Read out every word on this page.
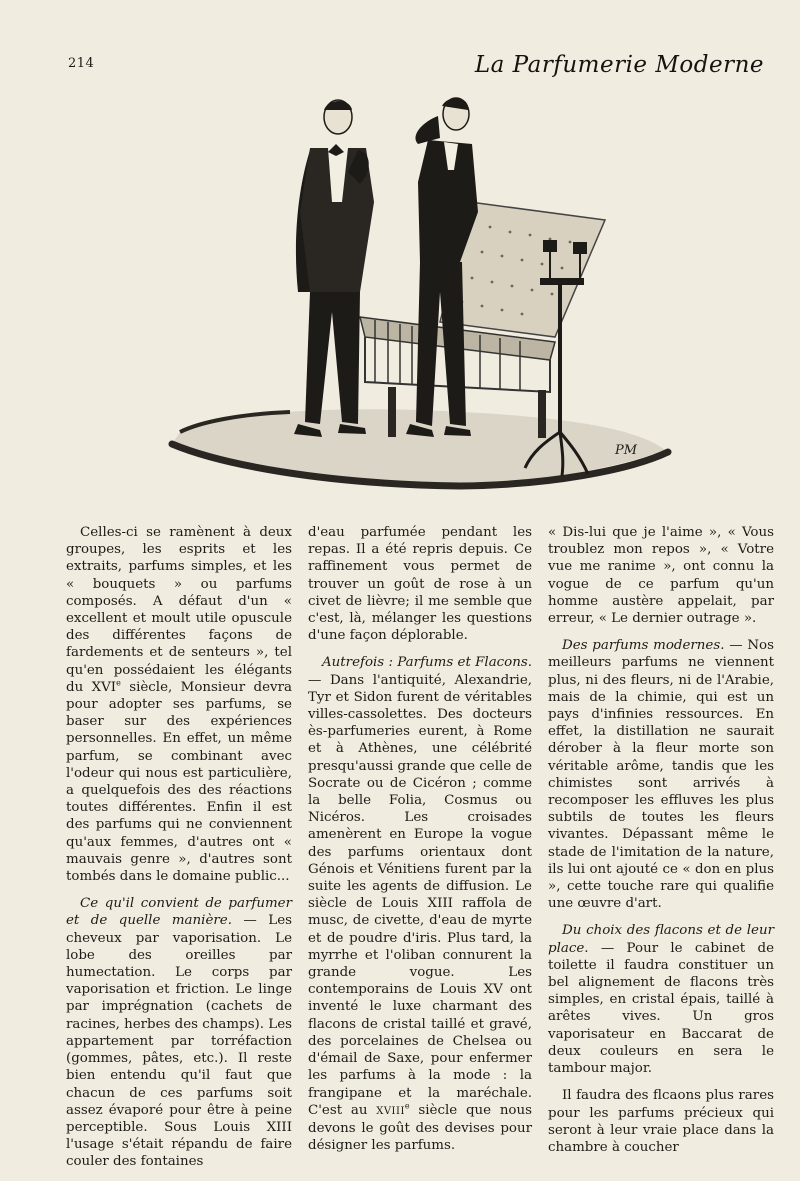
214	La Parfumerie Moderne
PM

Celles-ci se ramènent à deux groupes, les esprits et les extraits, parfums simples, et les « bouquets » ou parfums composés. A défaut d'un « excellent et moult utile opuscule des différentes façons de fardements et de senteurs », tel qu'en possédaient les élégants du XVIe siècle, Monsieur devra pour adopter ses parfums, se baser sur des expériences personnelles. En effet, un même parfum, se combinant avec l'odeur qui nous est particulière, a quelquefois des des réactions toutes différentes. Enfin il est des parfums qui ne conviennent qu'aux femmes, d'autres ont « mauvais genre », d'autres sont tombés dans le domaine public...

Ce qu'il convient de parfumer et de quelle manière. — Les cheveux par vaporisation. Le lobe des oreilles par humectation. Le corps par vaporisation et friction. Le linge par imprégnation (cachets de racines, herbes des champs). Les appartement par torréfaction (gommes, pâtes, etc.). Il reste bien entendu qu'il faut que chacun de ces parfums soit assez évaporé pour être à peine perceptible. Sous Louis XIII l'usage s'était répandu de faire couler des fontaines

d'eau parfumée pendant les repas. Il a été repris depuis. Ce raffinement vous permet de trouver un goût de rose à un civet de lièvre; il me semble que c'est, là, mélanger les questions d'une façon déplorable.

Autrefois : Parfums et Flacons. — Dans l'antiquité, Alexandrie, Tyr et Sidon furent de véritables villes-cassolettes. Des docteurs ès-parfumeries eurent, à Rome et à Athènes, une célébrité presqu'aussi grande que celle de Socrate ou de Cicéron ; comme la belle Folia, Cosmus ou Nicéros. Les croisades amenèrent en Europe la vogue des parfums orientaux dont Génois et Vénitiens furent par la suite les agents de diffusion. Le siècle de Louis XIII raffola de musc, de civette, d'eau de myrte et de poudre d'iris. Plus tard, la myrrhe et l'oliban connurent la grande vogue. Les contemporains de Louis XV ont inventé le luxe charmant des flacons de cristal taillé et gravé, des porcelaines de Chelsea ou d'émail de Saxe, pour enfermer les parfums à la mode : la frangipane et la maréchale. C'est au XVIIIe siècle que nous devons le goût des devises pour désigner les parfums.

« Dis-lui que je l'aime », « Vous troublez mon repos », « Votre vue me ranime », ont connu la vogue de ce parfum qu'un homme austère appelait, par erreur, « Le dernier outrage ».

Des parfums modernes. — Nos meilleurs parfums ne viennent plus, ni des fleurs, ni de l'Arabie, mais de la chimie, qui est un pays d'infinies ressources. En effet, la distillation ne saurait dérober à la fleur morte son véritable arôme, tandis que les chimistes sont arrivés à recomposer les effluves les plus subtils de toutes les fleurs vivantes. Dépassant même le stade de l'imitation de la nature, ils lui ont ajouté ce « don en plus », cette touche rare qui qualifie une œuvre d'art.

Du choix des flacons et de leur place. — Pour le cabinet de toilette il faudra constituer un bel alignement de flacons très simples, en cristal épais, taillé à arêtes vives. Un gros vaporisateur en Baccarat de deux couleurs en sera le tambour major.

Il faudra des flcaons plus rares pour les parfums précieux qui seront à leur vraie place dans la chambre à coucher
